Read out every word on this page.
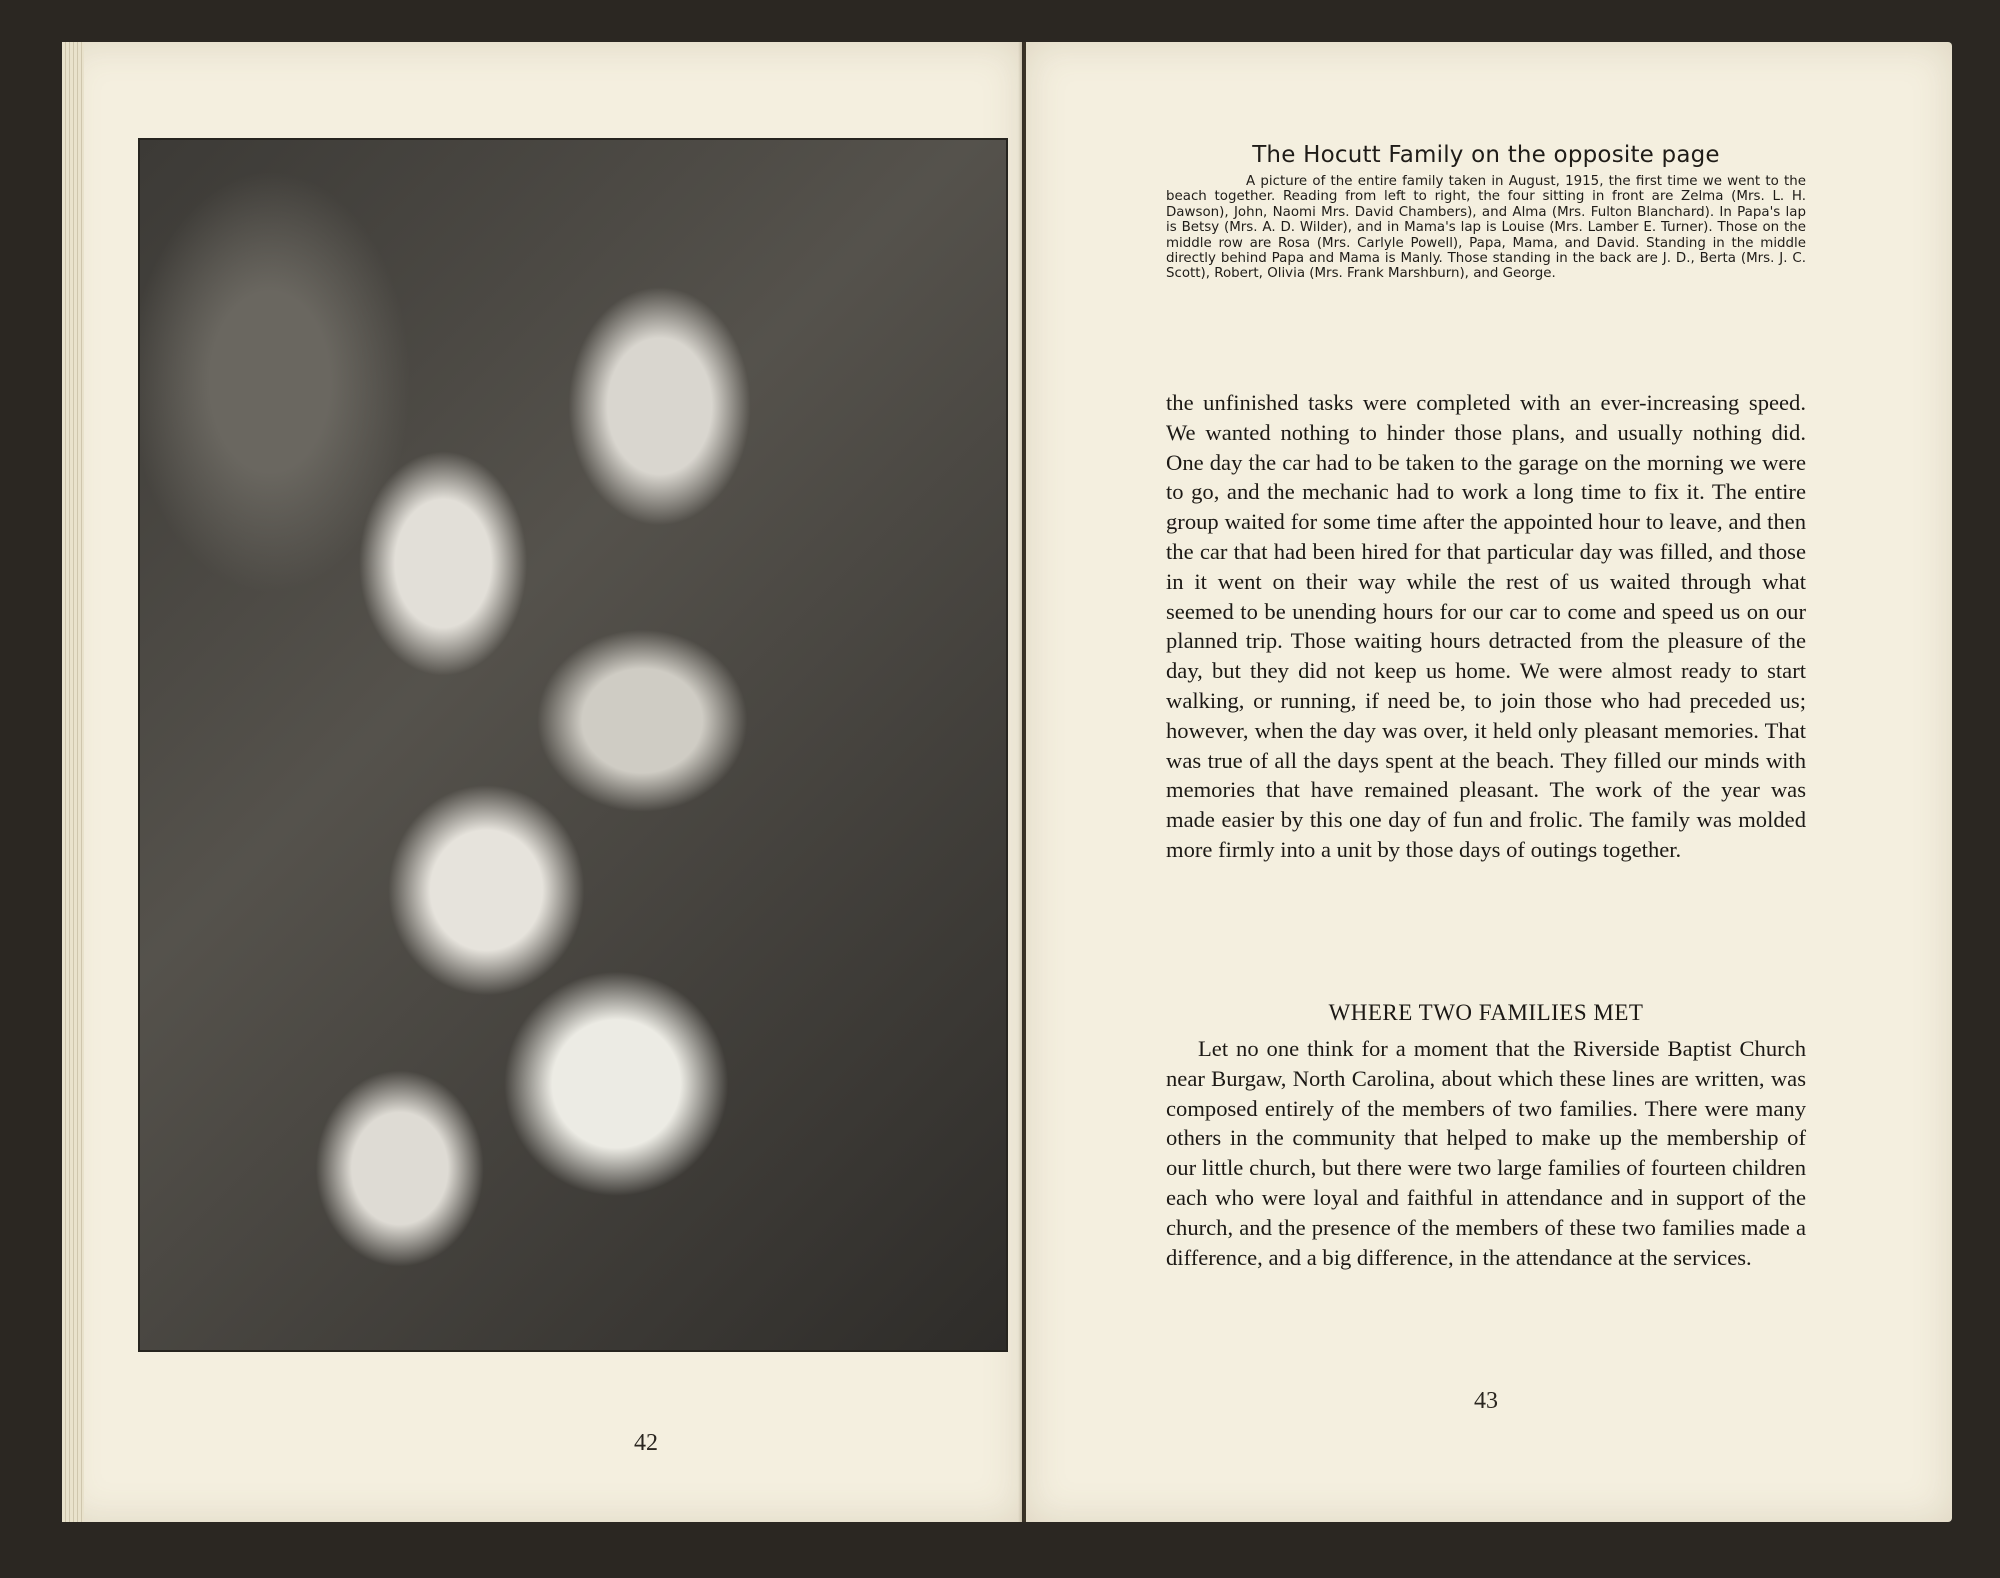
42

The Hocutt Family on the opposite page

A picture of the entire family taken in August, 1915, the first time we went to the beach together. Reading from left to right, the four sitting in front are Zelma (Mrs. L. H. Dawson), John, Naomi Mrs. David Chambers), and Alma (Mrs. Fulton Blanchard). In Papa's lap is Betsy (Mrs. A. D. Wilder), and in Mama's lap is Louise (Mrs. Lamber E. Turner). Those on the middle row are Rosa (Mrs. Carlyle Powell), Papa, Mama, and David. Standing in the middle directly behind Papa and Mama is Manly. Those standing in the back are J. D., Berta (Mrs. J. C. Scott), Robert, Olivia (Mrs. Frank Marshburn), and George.

the unfinished tasks were completed with an ever-increasing speed. We wanted nothing to hinder those plans, and usually nothing did. One day the car had to be taken to the garage on the morning we were to go, and the mechanic had to work a long time to fix it. The entire group waited for some time after the appointed hour to leave, and then the car that had been hired for that particular day was filled, and those in it went on their way while the rest of us waited through what seemed to be unending hours for our car to come and speed us on our planned trip. Those waiting hours detracted from the pleasure of the day, but they did not keep us home. We were almost ready to start walking, or running, if need be, to join those who had preceded us; however, when the day was over, it held only pleasant memories. That was true of all the days spent at the beach. They filled our minds with memories that have remained pleasant. The work of the year was made easier by this one day of fun and frolic. The family was molded more firmly into a unit by those days of outings together.

WHERE TWO FAMILIES MET

Let no one think for a moment that the Riverside Baptist Church near Burgaw, North Carolina, about which these lines are written, was composed entirely of the members of two families. There were many others in the community that helped to make up the membership of our little church, but there were two large families of fourteen children each who were loyal and faithful in attendance and in support of the church, and the presence of the members of these two families made a difference, and a big difference, in the attendance at the services.

43
